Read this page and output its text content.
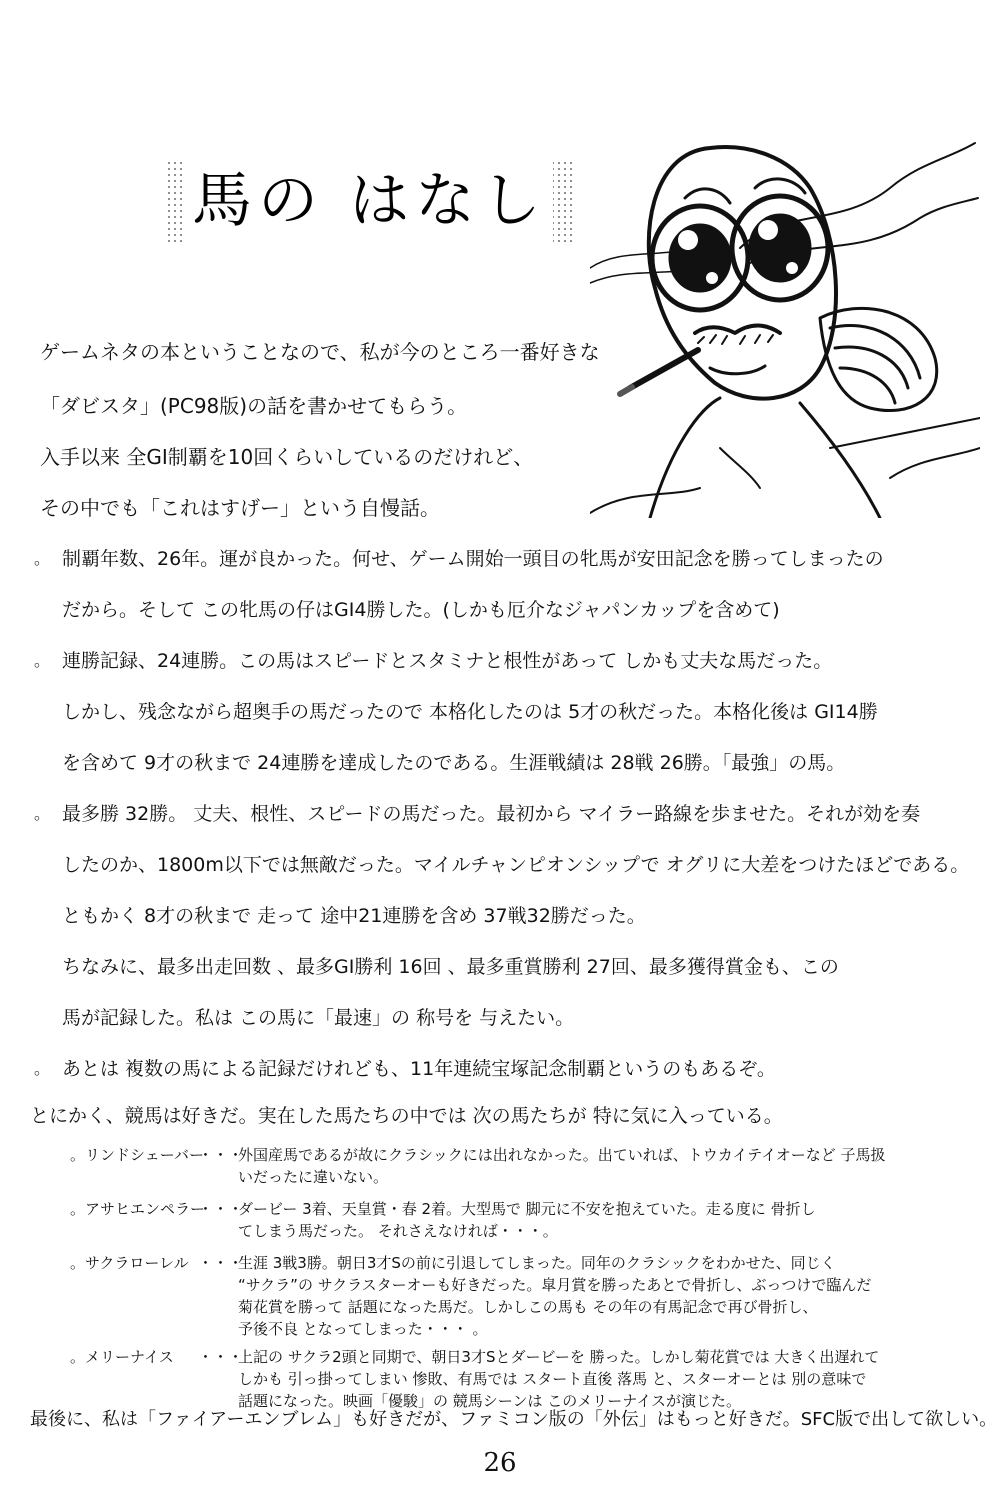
馬の はなし
ゲームネタの本ということなので、私が今のところ一番好きな
「ダビスタ」(PC98版)の話を書かせてもらう。
入手以来 全GI制覇を10回くらいしているのだけれど、
その中でも「これはすげー」という自慢話。
。 制覇年数、26年。運が良かった。何せ、ゲーム開始一頭目の牝馬が安田記念を勝ってしまったの
だから。そして この牝馬の仔はGI4勝した。(しかも厄介なジャパンカップを含めて)
。 連勝記録、24連勝。この馬はスピードとスタミナと根性があって しかも丈夫な馬だった。
しかし、残念ながら超奥手の馬だったので 本格化したのは 5才の秋だった。本格化後は GI14勝
を含めて 9才の秋まで 24連勝を達成したのである。生涯戦績は 28戦 26勝。「最強」の馬。
。 最多勝 32勝。 丈夫、根性、スピードの馬だった。最初から マイラー路線を歩ませた。それが効を奏
したのか、1800m以下では無敵だった。マイルチャンピオンシップで オグリに大差をつけたほどである。
ともかく 8才の秋まで 走って 途中21連勝を含め 37戦32勝だった。
ちなみに、最多出走回数 、最多GI勝利 16回 、最多重賞勝利 27回、最多獲得賞金も、この
馬が記録した。私は この馬に「最速」の 称号を 与えたい。
。 あとは 複数の馬による記録だけれども、11年連続宝塚記念制覇というのもあるぞ。
とにかく、競馬は好きだ。実在した馬たちの中では 次の馬たちが 特に気に入っている。
。リンドシェーバー
・・・
外国産馬であるが故にクラシックには出れなかった。出ていれば、トウカイテイオーなど 子馬扱
いだったに違いない。
。アサヒエンペラー
・・・
ダービー 3着、天皇賞・春 2着。大型馬で 脚元に不安を抱えていた。走る度に 骨折し
てしまう馬だった。 それさえなければ・・・。
。サクラローレル ・・・
生涯 3戦3勝。朝日3才Sの前に引退してしまった。同年のクラシックをわかせた、同じく
“サクラ”の サクラスターオーも好きだった。皐月賞を勝ったあとで骨折し、ぶっつけで臨んだ
菊花賞を勝って 話題になった馬だ。しかしこの馬も その年の有馬記念で再び骨折し、
予後不良 となってしまった・・・ 。
。メリーナイス ・・・
上記の サクラ2頭と同期で、朝日3才Sとダービーを 勝った。しかし菊花賞では 大きく出遅れて
しかも 引っ掛ってしまい 惨敗、有馬では スタート直後 落馬 と、スターオーとは 別の意味で
話題になった。映画「優駿」の 競馬シーンは このメリーナイスが演じた。
最後に、私は「ファイアーエンブレム」も好きだが、ファミコン版の「外伝」はもっと好きだ。SFC版で出して欲しい。
26
